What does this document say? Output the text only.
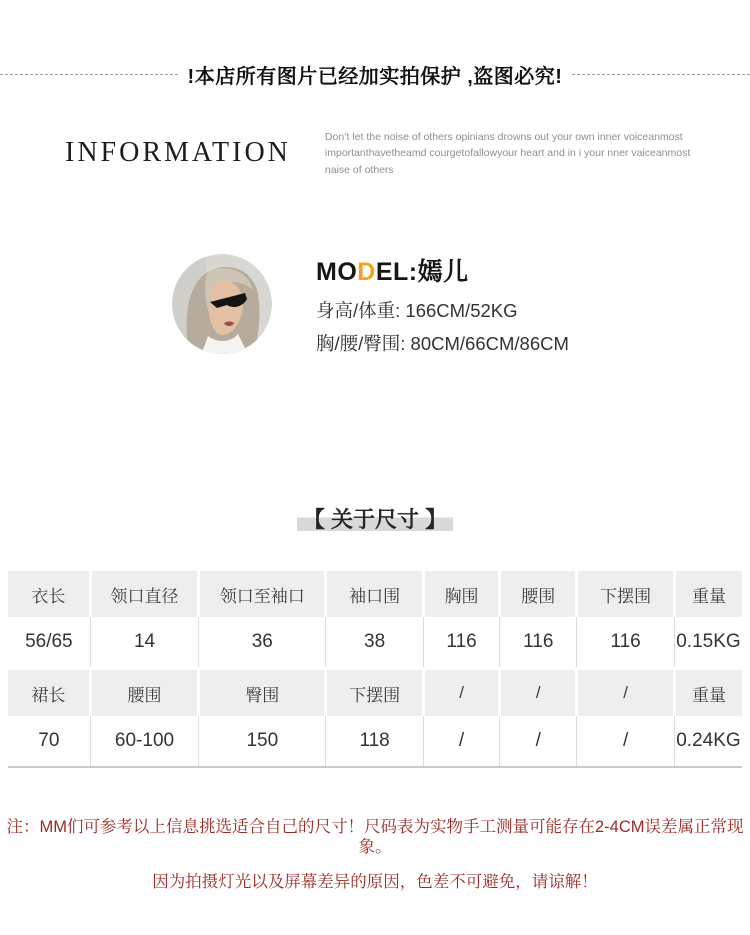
!本店所有图片已经加实拍保护 ,盗图必究!
INFORMATION
Don’t let the noise of others opinians drowns out your own inner voiceanmost importanthavetheamd courgetofallowyour heart and in i your nner vaiceanmost naise of others
MODEL:嫣儿
身高/体重: 166CM/52KG
胸/腰/臀围: 80CM/66CM/86CM
【 关于尺寸 】
衣长	领口直径	领口至袖口	袖口围	胸围	腰围	下摆围	重量
56/65	14	36	38	116	116	116	0.15KG
裙长	腰围	臀围	下摆围	/	/	/	重量
70	60-100	150	118	/	/	/	0.24KG
注：MM们可参考以上信息挑选适合自己的尺寸！尺码表为实物手工测量可能存在2-4CM误差属正常现象。
因为拍摄灯光以及屏幕差异的原因，色差不可避免，请谅解！
